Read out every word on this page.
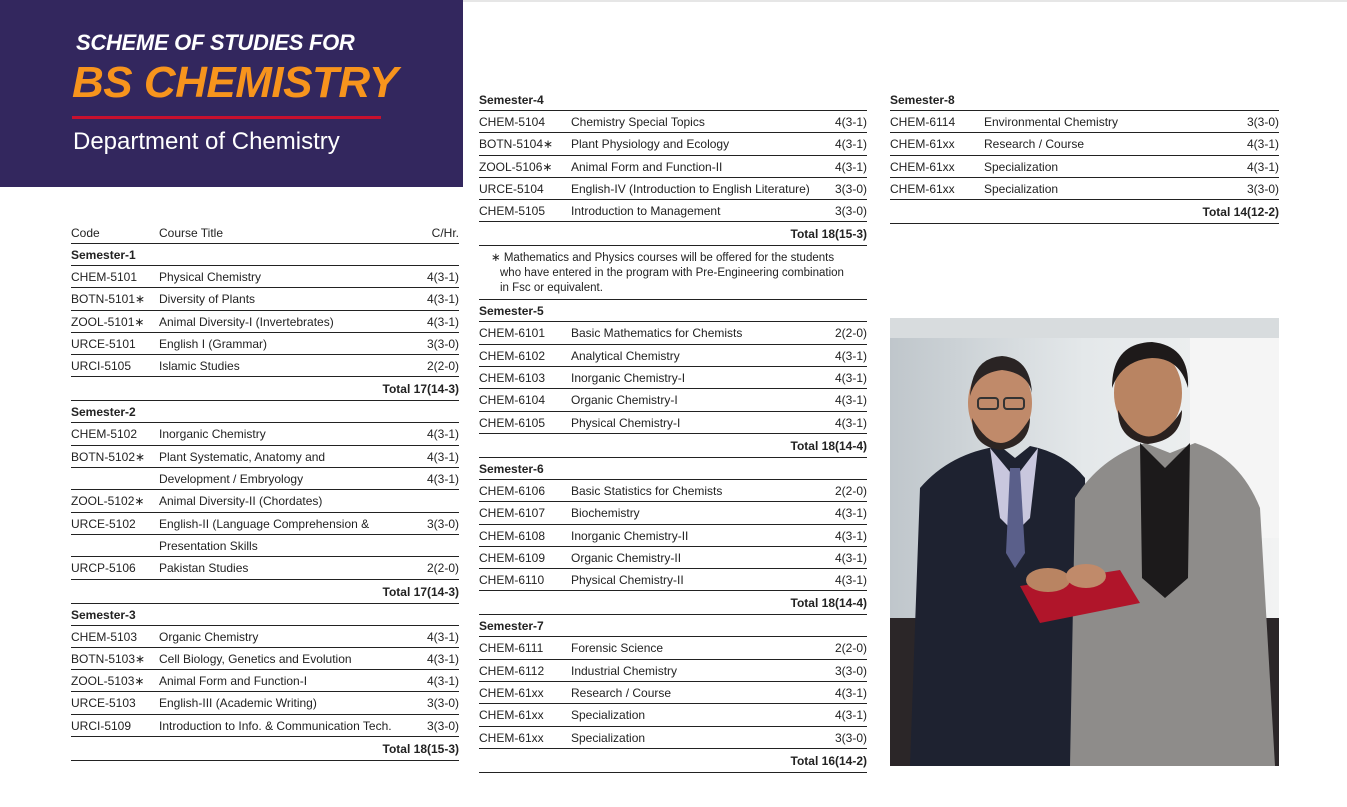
SCHEME OF STUDIES FOR
BS CHEMISTRY
Department of Chemistry
Code	Course Title	C/Hr.
Semester-1
CHEM-5101	Physical Chemistry	4(3-1)
BOTN-5101∗	Diversity of Plants	4(3-1)
ZOOL-5101∗	Animal Diversity-I (Invertebrates)	4(3-1)
URCE-5101	English I (Grammar)	3(3-0)
URCI-5105	Islamic Studies	2(2-0)
Total 17(14-3)
Semester-2
CHEM-5102	Inorganic Chemistry	4(3-1)
BOTN-5102∗	Plant Systematic, Anatomy and	4(3-1)
Development / Embryology	4(3-1)
ZOOL-5102∗	Animal Diversity-II (Chordates)
URCE-5102	English-II (Language Comprehension &	3(3-0)
Presentation Skills
URCP-5106	Pakistan Studies	2(2-0)
Total 17(14-3)
Semester-3
CHEM-5103	Organic Chemistry	4(3-1)
BOTN-5103∗	Cell Biology, Genetics and Evolution	4(3-1)
ZOOL-5103∗	Animal Form and Function-I	4(3-1)
URCE-5103	English-III (Academic Writing)	3(3-0)
URCI-5109	Introduction to Info. & Communication Tech.	3(3-0)
Total 18(15-3)
Semester-4
CHEM-5104	Chemistry Special Topics	4(3-1)
BOTN-5104∗	Plant Physiology and Ecology	4(3-1)
ZOOL-5106∗	Animal Form and Function-II	4(3-1)
URCE-5104	English-IV (Introduction to English Literature)	3(3-0)
CHEM-5105	Introduction to Management	3(3-0)
Total 18(15-3)
∗ Mathematics and Physics courses will be offered for the students who have entered in the program with Pre-Engineering combination in Fsc or equivalent.
Semester-5
CHEM-6101	Basic Mathematics for Chemists	2(2-0)
CHEM-6102	Analytical Chemistry	4(3-1)
CHEM-6103	Inorganic Chemistry-I	4(3-1)
CHEM-6104	Organic Chemistry-I	4(3-1)
CHEM-6105	Physical Chemistry-I	4(3-1)
Total 18(14-4)
Semester-6
CHEM-6106	Basic Statistics for Chemists	2(2-0)
CHEM-6107	Biochemistry	4(3-1)
CHEM-6108	Inorganic Chemistry-II	4(3-1)
CHEM-6109	Organic Chemistry-II	4(3-1)
CHEM-6110	Physical Chemistry-II	4(3-1)
Total 18(14-4)
Semester-7
CHEM-6111	Forensic Science	2(2-0)
CHEM-6112	Industrial Chemistry	3(3-0)
CHEM-61xx	Research / Course	4(3-1)
CHEM-61xx	Specialization	4(3-1)
CHEM-61xx	Specialization	3(3-0)
Total 16(14-2)
Semester-8
CHEM-6114	Environmental Chemistry	3(3-0)
CHEM-61xx	Research / Course	4(3-1)
CHEM-61xx	Specialization	4(3-1)
CHEM-61xx	Specialization	3(3-0)
Total 14(12-2)
